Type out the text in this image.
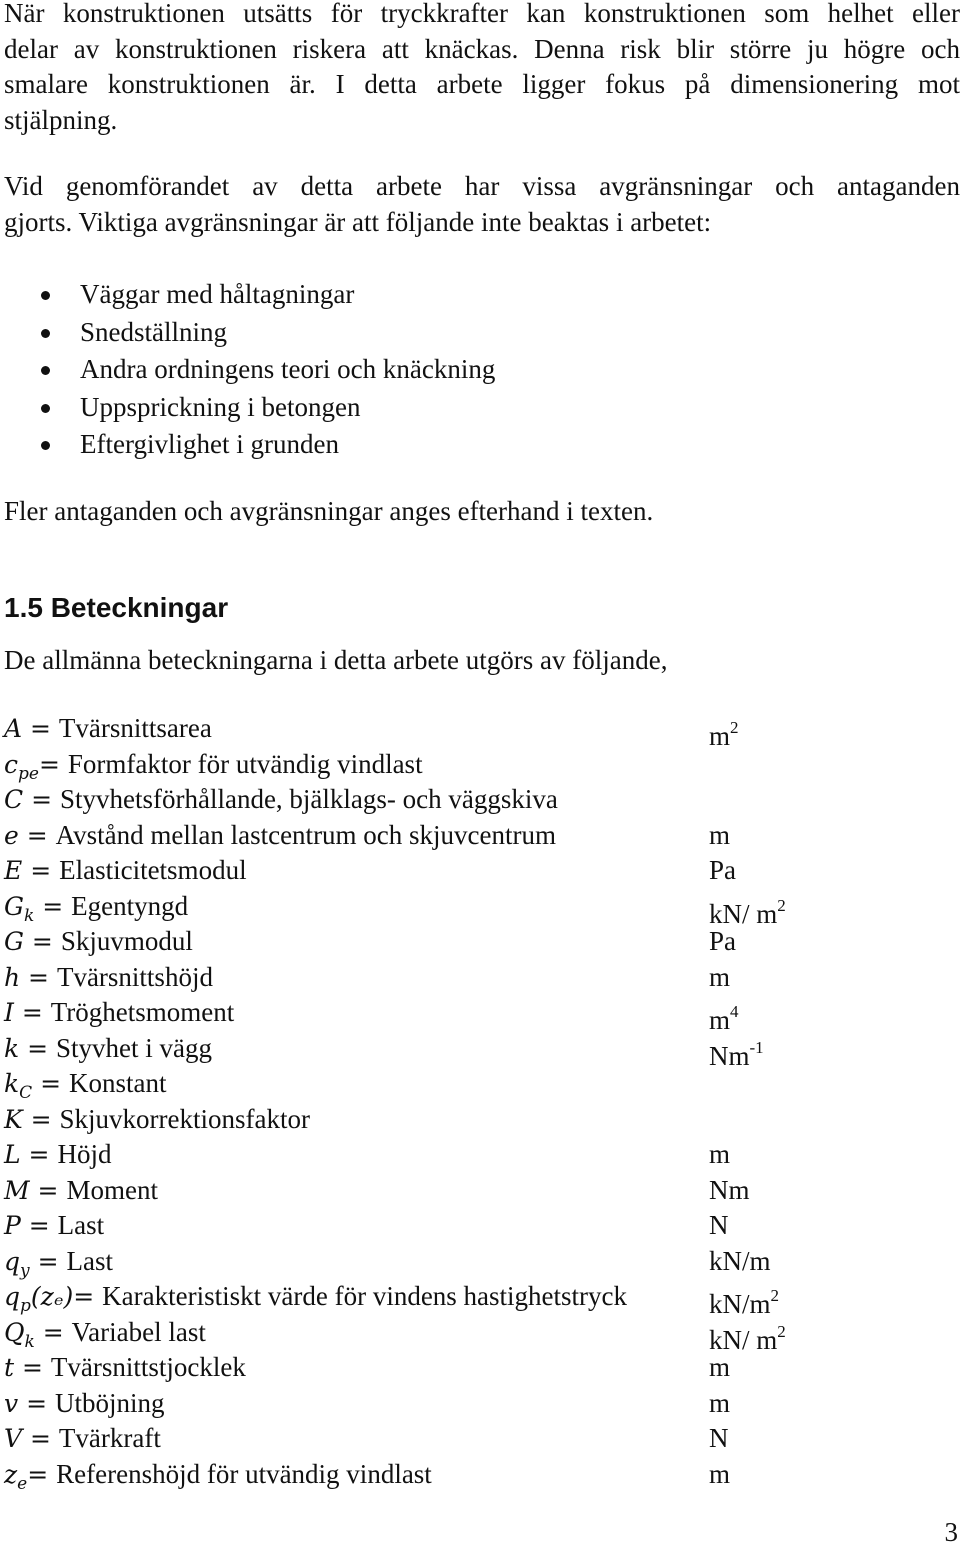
När konstruktionen utsätts för tryckkrafter kan konstruktionen som helhet eller
delar av konstruktionen riskera att knäckas. Denna risk blir större ju högre och
smalare konstruktionen är. I detta arbete ligger fokus på dimensionering mot
stjälpning.

Vid genomförandet av detta arbete har vissa avgränsningar och antaganden
gjorts. Viktiga avgränsningar är att följande inte beaktas i arbetet:

Väggar med håltagningar
Snedställning
Andra ordningens teori och knäckning
Uppsprickning i betongen
Eftergivlighet i grunden

Fler antaganden och avgränsningar anges efterhand i texten.

1.5 Beteckningar

De allmänna beteckningarna i detta arbete utgörs av följande,

A = Tvärsnittsarea	$m^2$
$c_{pe}=$ Formfaktor för utvändig vindlast
C = Styvhetsförhållande, bjälklags- och väggskiva
e = Avstånd mellan lastcentrum och skjuvcentrum	m
E = Elasticitetsmodul	Pa
$G_k$ = Egentyngd	kN/ $m^2$
G = Skjuvmodul	Pa
h = Tvärsnittshöjd	m
I = Tröghetsmoment	$m^4$
k = Styvhet i vägg	$Nm^{-1}$
$k_C$ = Konstant
K = Skjuvkorrektionsfaktor
L = Höjd	m
M = Moment	Nm
P = Last	N
$q_y$ = Last	kN/m
$q_p(z_e)=$ Karakteristiskt värde för vindens hastighetstryck	$kN/m^2$
$Q_k$ = Variabel last	kN/ $m^2$
t = Tvärsnittstjocklek	m
v = Utböjning	m
V = Tvärkraft	N
$z_e=$ Referenshöjd för utvändig vindlast	m
3
